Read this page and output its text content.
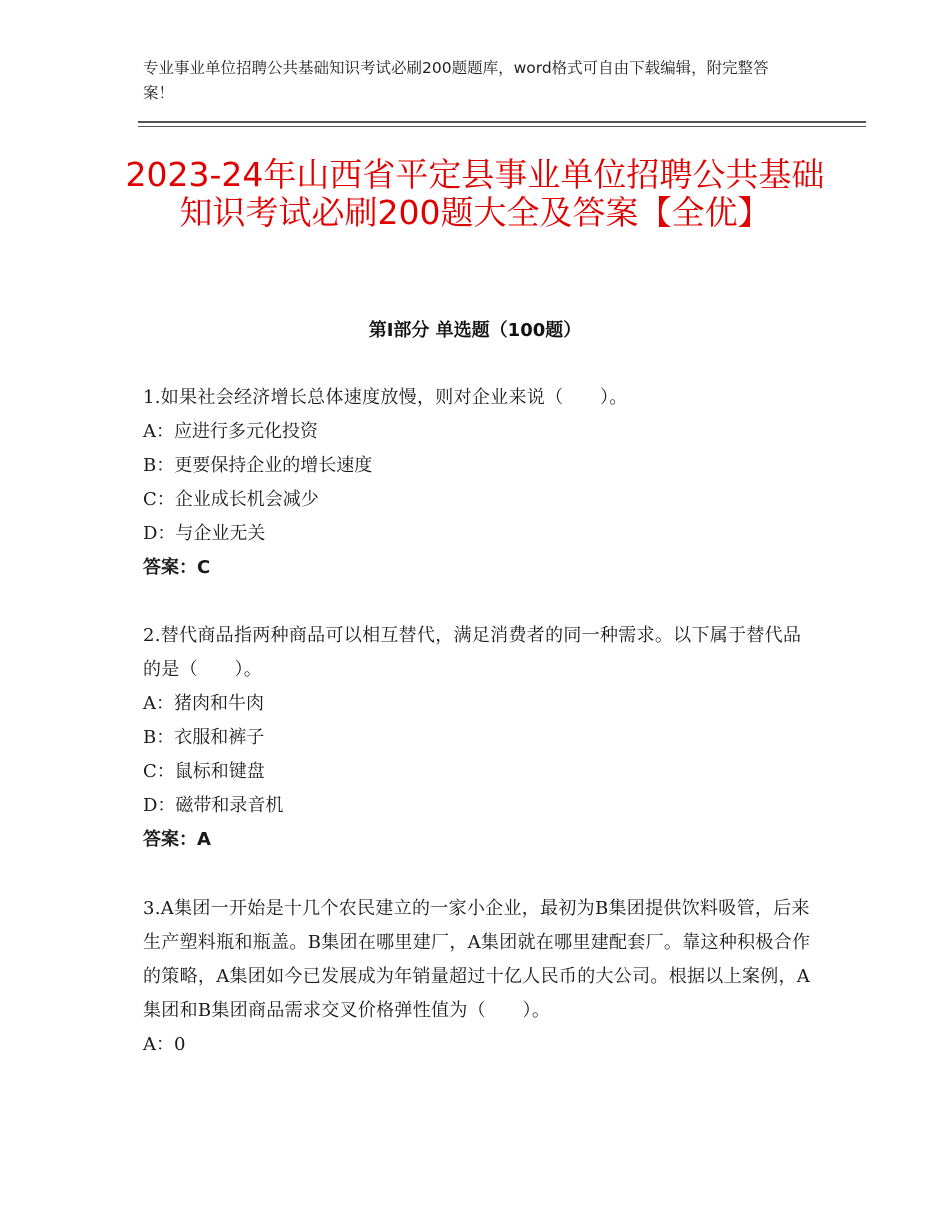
专业事业单位招聘公共基础知识考试必刷200题题库，word格式可自由下载编辑，附完整答案！
2023-24年山西省平定县事业单位招聘公共基础知识考试必刷200题大全及答案【全优】
第I部分 单选题（100题）

1.如果社会经济增长总体速度放慢，则对企业来说（　　）。

A：应进行多元化投资

B：更要保持企业的增长速度

C：企业成长机会减少

D：与企业无关

答案：C

2.替代商品指两种商品可以相互替代，满足消费者的同一种需求。以下属于替代品的是（　　）。

A：猪肉和牛肉

B：衣服和裤子

C：鼠标和键盘

D：磁带和录音机

答案：A

3.A集团一开始是十几个农民建立的一家小企业，最初为B集团提供饮料吸管，后来生产塑料瓶和瓶盖。B集团在哪里建厂，A集团就在哪里建配套厂。靠这种积极合作的策略，A集团如今已发展成为年销量超过十亿人民币的大公司。根据以上案例，A集团和B集团商品需求交叉价格弹性值为（　　）。

A：0
